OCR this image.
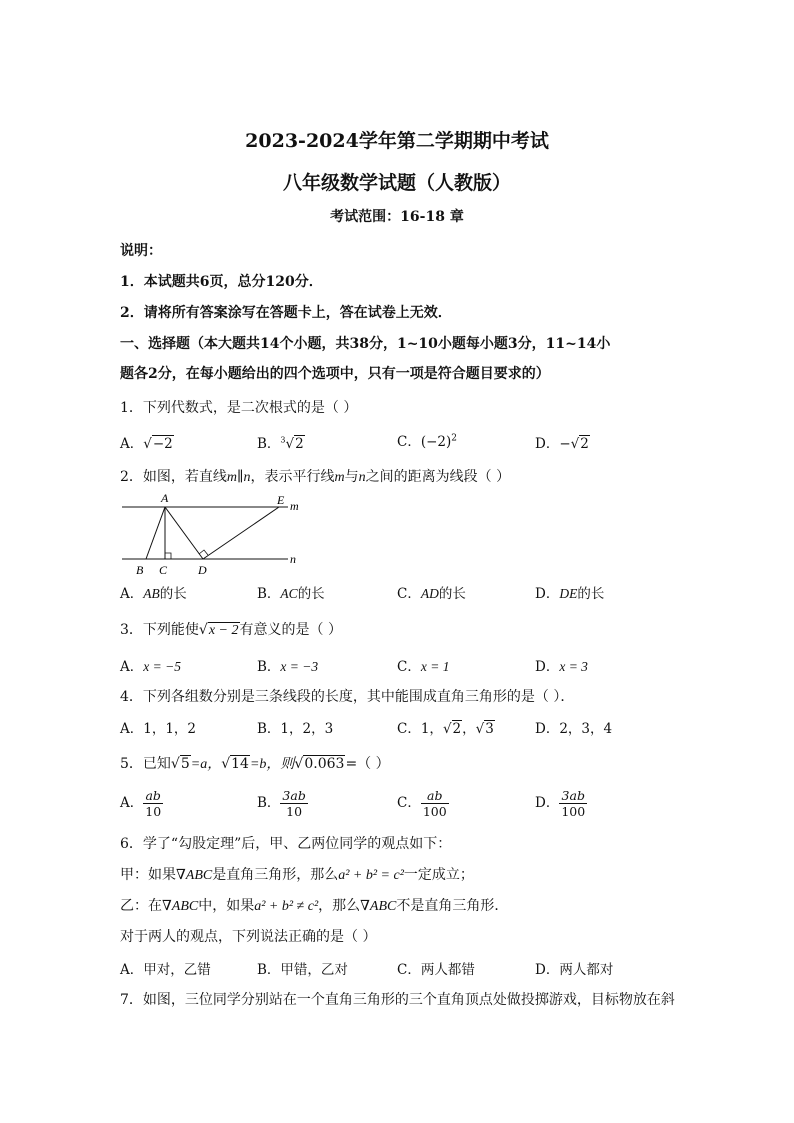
2023-2024学年第二学期期中考试
八年级数学试题（人教版）
考试范围：16-18 章
说明：
1．本试题共6页，总分120分．
2．请将所有答案涂写在答题卡上，答在试卷上无效．
一、选择题（本大题共14个小题，共38分，1~10小题每小题3分，11~14小
题各2分，在每小题给出的四个选项中，只有一项是符合题目要求的）
1．下列代数式，是二次根式的是（ ）
A．√−2	B．$^3$√2	C．$(-2)^2$	D．−√2
2．如图，若直线m∥n，表示平行线m与n之间的距离为线段（ ）
A	E m
n
B C	D
A．AB的长	B．AC的长	C．AD的长	D．DE的长
3．下列能使√x − 2有意义的是（ ）
A．x = −5	B．x = −3	C．x = 1	D．x = 3
4．下列各组数分别是三条线段的长度，其中能围成直角三角形的是（ ）．
A．1，1，2	B．1，2，3	C．1，√2，√3	D．2，3，4
5．已知√5=a，√14=b，则√0.063=（ ）
A． $\frac{ab}{10}$	B． $\frac{3ab}{10}$	C． $\frac{ab}{100}$	D． $\frac{3ab}{100}$
6．学了“勾股定理”后，甲、乙两位同学的观点如下：
甲：如果∇ABC是直角三角形，那么a² + b² = c²一定成立；
乙：在∇ABC中，如果a² + b² ≠ c²，那么∇ABC不是直角三角形．
对于两人的观点，下列说法正确的是（ ）
A．甲对，乙错	B．甲错，乙对	C．两人都错	D．两人都对
7．如图，三位同学分别站在一个直角三角形的三个直角顶点处做投掷游戏，目标物放在斜
